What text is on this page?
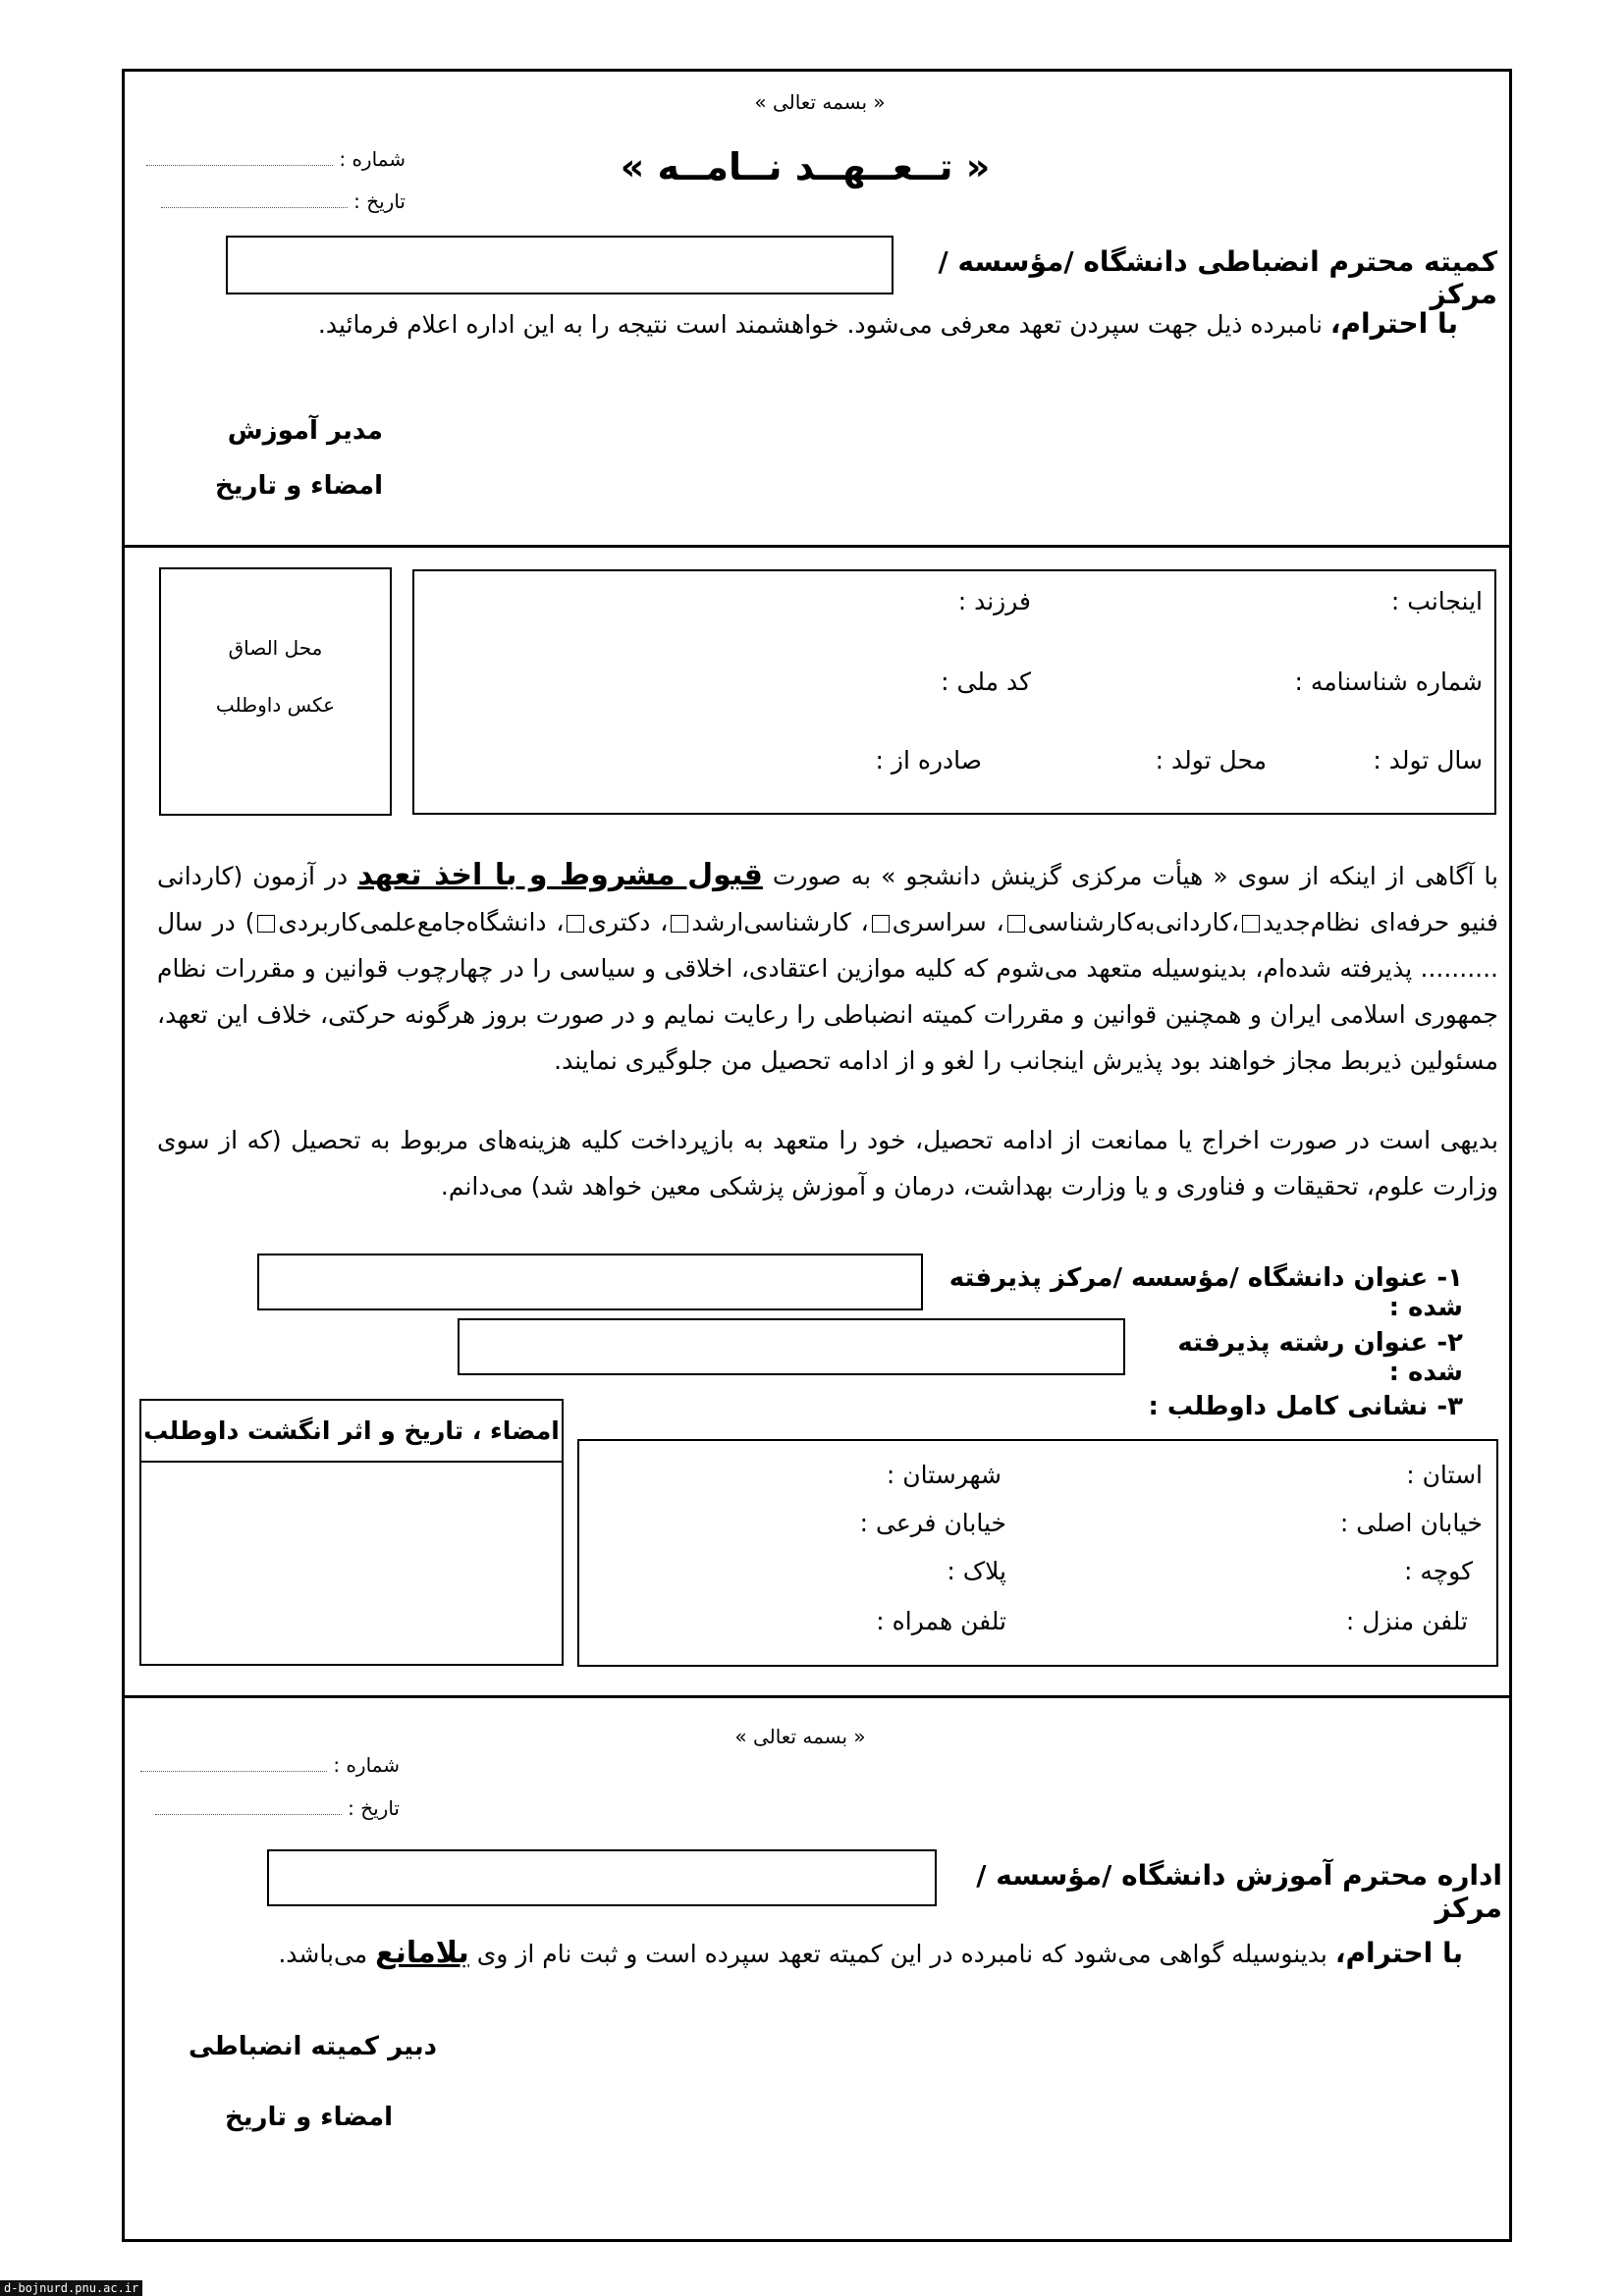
« بسمه تعالی »
شماره :
تاریخ :
« تــعــهــد نــامــه »
کمیته محترم انضباطی دانشگاه /مؤسسه /مرکز
با احترام، نامبرده ذیل جهت سپردن تعهد معرفی می‌شود. خواهشمند است نتیجه را به این اداره اعلام فرمائید.
مدیر آموزش
امضاء و تاریخ
محل الصاق
عکس داوطلب
اینجانب :
فرزند :
شماره شناسنامه :
کد ملی :
سال تولد :
محل تولد :
صادره از :
با آگاهی از اینکه از سوی « هیأت مرکزی گزینش دانشجو » به صورت قبول مشروط و با اخذ تعهد در آزمون (کاردانی فنیو حرفه‌ای نظام‌جدید،کاردانی‌به‌کارشناسی، سراسری، کارشناسی‌ارشد، دکتری، دانشگاه‌جامع‌علمی‌کاربردی) در سال .......... پذیرفته شده‌ام، بدینوسیله متعهد می‌شوم که کلیه موازین اعتقادی، اخلاقی و سیاسی را در چهارچوب قوانین و مقررات نظام جمهوری اسلامی ایران و همچنین قوانین و مقررات کمیته انضباطی را رعایت نمایم و در صورت بروز هرگونه حرکتی، خلاف این تعهد، مسئولین ذیربط مجاز خواهند بود پذیرش اینجانب را لغو و از ادامه تحصیل من جلوگیری نمایند.
بدیهی است در صورت اخراج یا ممانعت از ادامه تحصیل، خود را متعهد به بازپرداخت کلیه هزینه‌های مربوط به تحصیل (که از سوی وزارت علوم، تحقیقات و فناوری و یا وزارت بهداشت، درمان و آموزش پزشکی معین خواهد شد) می‌دانم.
۱- عنوان دانشگاه /مؤسسه /مرکز پذیرفته شده :
۲- عنوان رشته پذیرفته شده :
۳- نشانی کامل داوطلب :
امضاء ، تاریخ و اثر انگشت داوطلب
استان :
شهرستان :
خیابان اصلی :
خیابان فرعی :
کوچه :
پلاک :
تلفن منزل :
تلفن همراه :
« بسمه تعالی »
شماره :
تاریخ :
اداره محترم آموزش دانشگاه /مؤسسه /مرکز
با احترام، بدینوسیله گواهی می‌شود که نامبرده در این کمیته تعهد سپرده است و ثبت نام از وی بلامانع می‌باشد.
دبیر کمیته انضباطی
امضاء و تاریخ
d-bojnurd.pnu.ac.ir
